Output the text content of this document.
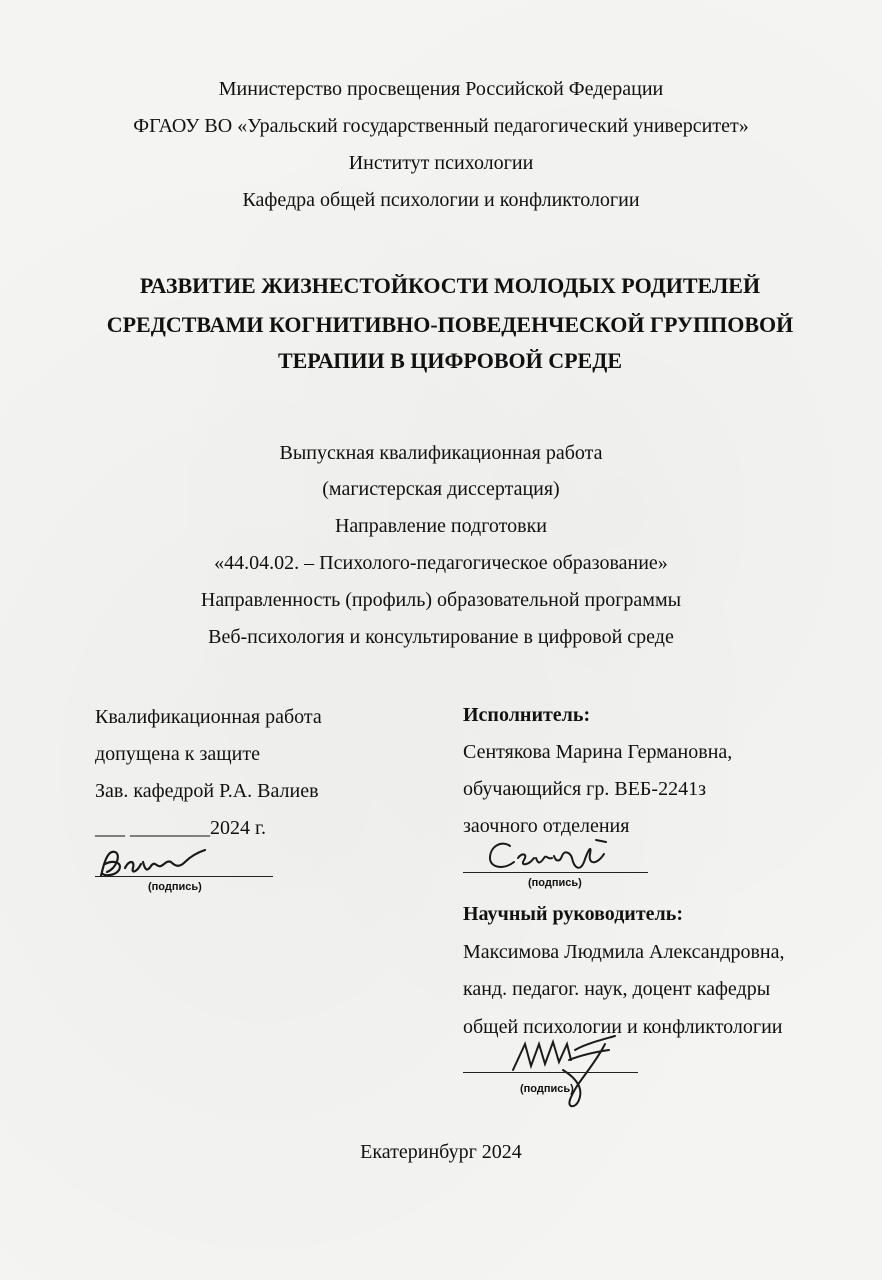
Министерство просвещения Российской Федерации
ФГАОУ ВО «Уральский государственный педагогический университет»
Институт психологии
Кафедра общей психологии и конфликтологии
РАЗВИТИЕ ЖИЗНЕСТОЙКОСТИ МОЛОДЫХ РОДИТЕЛЕЙ
СРЕДСТВАМИ КОГНИТИВНО-ПОВЕДЕНЧЕСКОЙ ГРУППОВОЙ
ТЕРАПИИ В ЦИФРОВОЙ СРЕДЕ
Выпускная квалификационная работа
(магистерская диссертация)
Направление подготовки
«44.04.02. – Психолого-педагогическое образование»
Направленность (профиль) образовательной программы
Веб-психология и консультирование в цифровой среде
Квалификационная работа
допущена к защите
Зав. кафедрой Р.А. Валиев
___ ________2024 г.
(подпись)
Исполнитель:
Сентякова Марина Германовна,
обучающийся гр. ВЕБ-2241з
заочного отделения
(подпись)
Научный руководитель:
Максимова Людмила Александровна,
канд. педагог. наук, доцент кафедры
общей психологии и конфликтологии
(подпись)
Екатеринбург 2024
